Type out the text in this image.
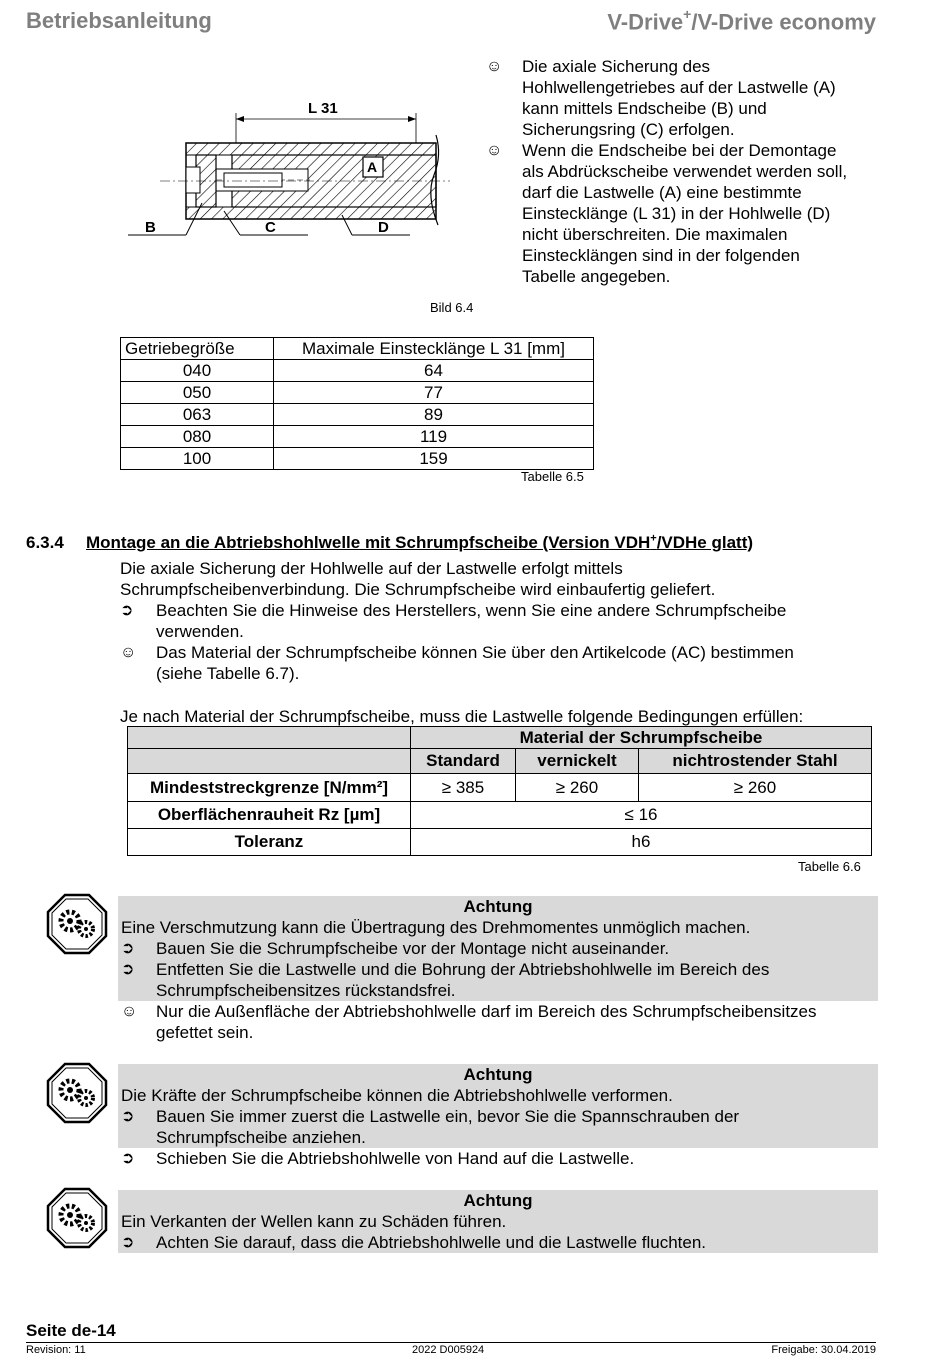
Betriebsanleitung	V-Drive+/V-Drive economy
L 31
A
B	C	D
Bild 6.4
☺	Die axiale Sicherung des
Hohlwellengetriebes auf der Lastwelle (A)
kann mittels Endscheibe (B) und
Sicherungsring (C) erfolgen.
☺	Wenn die Endscheibe bei der Demontage
als Abdrückscheibe verwendet werden soll,
darf die Lastwelle (A) eine bestimmte
Einstecklänge (L 31) in der Hohlwelle (D)
nicht überschreiten. Die maximalen
Einstecklängen sind in der folgenden
Tabelle angegeben.
Getriebegröße	Maximale Einstecklänge L 31 [mm]
040	64
050	77
063	89
080	119
100	159
Tabelle 6.5
6.3.4 Montage an die Abtriebshohlwelle mit Schrumpfscheibe (Version VDH+/VDHe glatt)
Die axiale Sicherung der Hohlwelle auf der Lastwelle erfolgt mittels
Schrumpfscheibenverbindung. Die Schrumpfscheibe wird einbaufertig geliefert.
➲	Beachten Sie die Hinweise des Herstellers, wenn Sie eine andere Schrumpfscheibe
verwenden.
☺	Das Material der Schrumpfscheibe können Sie über den Artikelcode (AC) bestimmen
(siehe Tabelle 6.7).
Je nach Material der Schrumpfscheibe, muss die Lastwelle folgende Bedingungen erfüllen:
	Material der Schrumpfscheibe		
	Standard	vernickelt	nichtrostender Stahl
Mindeststreckgrenze [N/mm²]	≥ 385	≥ 260	≥ 260
Oberflächenrauheit Rz [µm]	≤ 16		
Toleranz	h6		
Tabelle 6.6
Achtung
Eine Verschmutzung kann die Übertragung des Drehmomentes unmöglich machen.
➲	Bauen Sie die Schrumpfscheibe vor der Montage nicht auseinander.
➲	Entfetten Sie die Lastwelle und die Bohrung der Abtriebshohlwelle im Bereich des
Schrumpfscheibensitzes rückstandsfrei.
☺	Nur die Außenfläche der Abtriebshohlwelle darf im Bereich des Schrumpfscheibensitzes
gefettet sein.
Achtung
Die Kräfte der Schrumpfscheibe können die Abtriebshohlwelle verformen.
➲	Bauen Sie immer zuerst die Lastwelle ein, bevor Sie die Spannschrauben der
Schrumpfscheibe anziehen.
➲	Schieben Sie die Abtriebshohlwelle von Hand auf die Lastwelle.
Achtung
Ein Verkanten der Wellen kann zu Schäden führen.
➲	Achten Sie darauf, dass die Abtriebshohlwelle und die Lastwelle fluchten.
Seite de-14
Revision: 11	2022 D005924	Freigabe: 30.04.2019
